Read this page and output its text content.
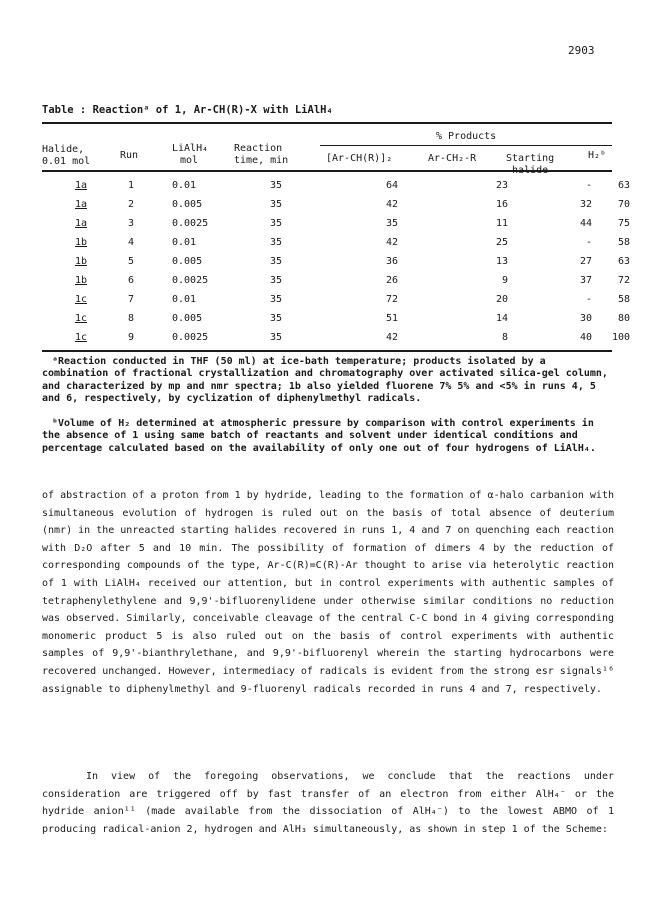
2903
Table : Reactionᵃ of 1, Ar-CH(R)-X with LiAlH₄
Halide,
0.01 mol
Run
LiAlH₄
mol
Reaction
time, min
% Products
[Ar-CH(R)]₂	Ar-CH₂-R	Starting	H₂ᵇ
1a	1	0.01	35	64	23	-	63
1a	2	0.005	35	42	16	32	70
1a	3	0.0025	35	35	11	44	75
1b	4	0.01	35	42	25	-	58
1b	5	0.005	35	36	13	27	63
1b	6	0.0025	35	26	9	37	72
1c	7	0.01	35	72	20	-	58
1c	8	0.005	35	51	14	30	80
1c	9	0.0025	35	42	8	40	100
ᵃReaction conducted in THF (50 ml) at ice-bath temperature; products isolated by a combination of fractional crystallization and chromatography over activated silica-gel column, and characterized by mp and nmr spectra; 1b also yielded fluorene 7% 5% and <5% in runs 4, 5 and 6, respectively, by cyclization of diphenylmethyl radicals.
ᵇVolume of H₂ determined at atmospheric pressure by comparison with control experiments in the absence of 1 using same batch of reactants and solvent under identical conditions and percentage calculated based on the availability of only one out of four hydrogens of LiAlH₄.
of abstraction of a proton from 1 by hydride, leading to the formation of α-halo carbanion with simultaneous evolution of hydrogen is ruled out on the basis of total absence of deuterium (nmr) in the unreacted starting halides recovered in runs 1, 4 and 7 on quenching each reaction with D₂O after 5 and 10 min. The possibility of formation of dimers 4 by the reduction of corresponding compounds of the type, Ar-C(R)=C(R)-Ar thought to arise via heterolytic reaction of 1 with LiAlH₄ received our attention, but in control experiments with authentic samples of tetraphenylethylene and 9,9'-bifluorenylidene under otherwise similar conditions no reduction was observed. Similarly, conceivable cleavage of the central C-C bond in 4 giving corresponding monomeric product 5 is also ruled out on the basis of control experiments with authentic samples of 9,9'-bianthrylethane, and 9,9'-bifluorenyl wherein the starting hydrocarbons were recovered unchanged. However, intermediacy of radicals is evident from the strong esr signals¹⁶ assignable to diphenylmethyl and 9-fluorenyl radicals recorded in runs 4 and 7, respectively.
In view of the foregoing observations, we conclude that the reactions under consideration are triggered off by fast transfer of an electron from either AlH₄⁻ or the hydride anion¹¹ (made available from the dissociation of AlH₄⁻) to the lowest ABMO of 1 producing radical-anion 2, hydrogen and AlH₃ simultaneously, as shown in step 1 of the Scheme:
